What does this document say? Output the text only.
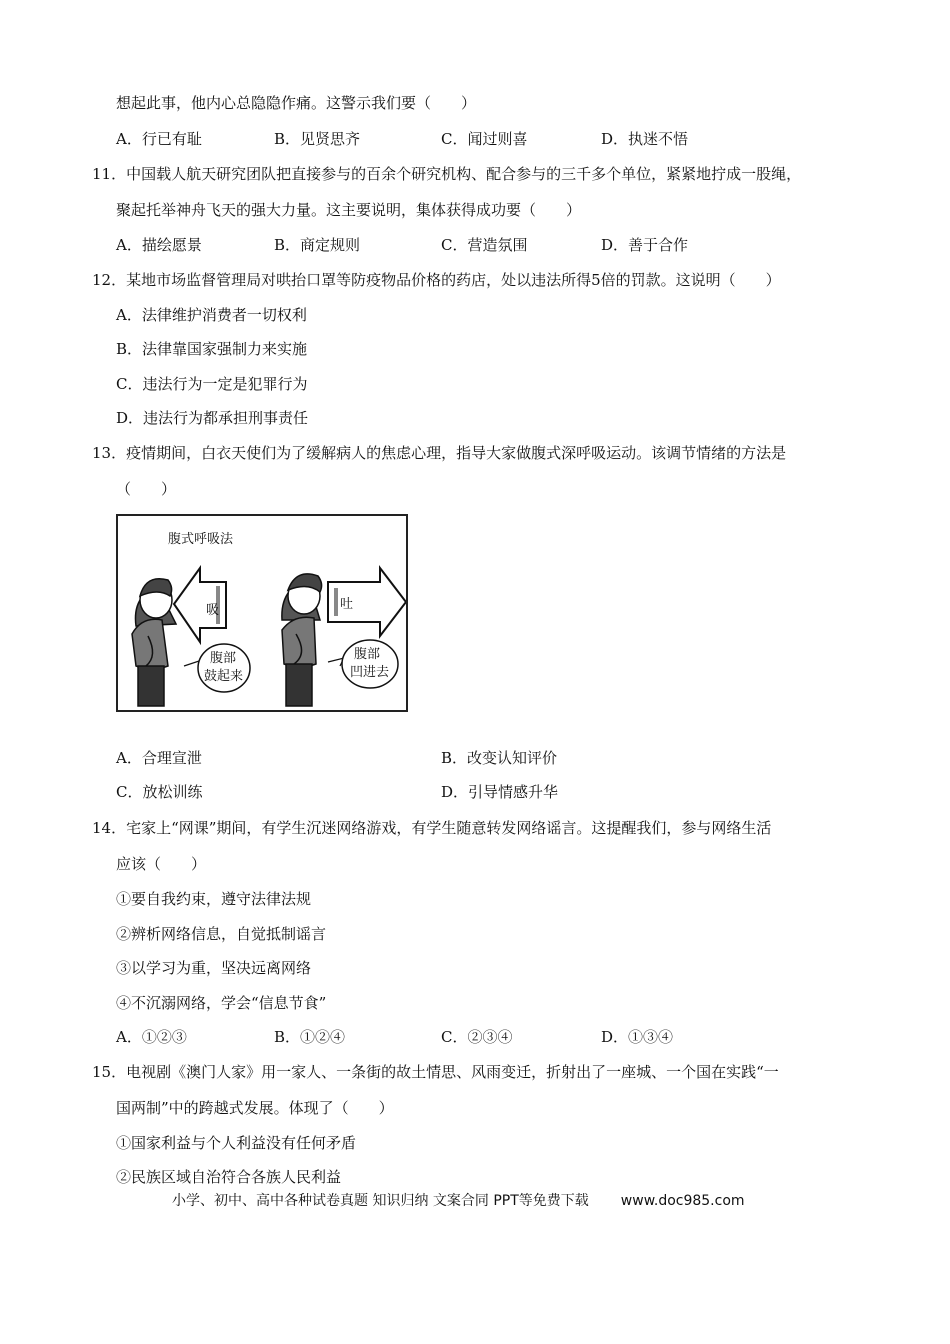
想起此事，他内心总隐隐作痛。这警示我们要（　　）
A．行已有耻	B．见贤思齐	C．闻过则喜	D．执迷不悟
11．中国载人航天研究团队把直接参与的百余个研究机构、配合参与的三千多个单位，紧紧地拧成一股绳，
聚起托举神舟飞天的强大力量。这主要说明，集体获得成功要（　　）
A．描绘愿景	B．商定规则	C．营造氛围	D．善于合作
12．某地市场监督管理局对哄抬口罩等防疫物品价格的药店，处以违法所得5倍的罚款。这说明（　　）
A．法律维护消费者一切权利
B．法律靠国家强制力来实施
C．违法行为一定是犯罪行为
D．违法行为都承担刑事责任
13．疫情期间，白衣天使们为了缓解病人的焦虑心理，指导大家做腹式深呼吸运动。该调节情绪的方法是
（　　）
腹式呼吸法
吸
腹部
鼓起来
吐
腹部
凹进去
A．合理宣泄	B．改变认知评价
C．放松训练	D．引导情感升华
14．宅家上“网课”期间，有学生沉迷网络游戏，有学生随意转发网络谣言。这提醒我们，参与网络生活
应该（　　）
①要自我约束，遵守法律法规
②辨析网络信息，自觉抵制谣言
③以学习为重，坚决远离网络
④不沉溺网络，学会“信息节食”
A．①②③	B．①②④	C．②③④	D．①③④
15．电视剧《澳门人家》用一家人、一条街的故土情思、风雨变迁，折射出了一座城、一个国在实践“一
国两制”中的跨越式发展。体现了（　　）
①国家利益与个人利益没有任何矛盾
②民族区域自治符合各族人民利益
小学、初中、高中各种试卷真题 知识归纳 文案合同 PPT等免费下载 www.doc985.com
